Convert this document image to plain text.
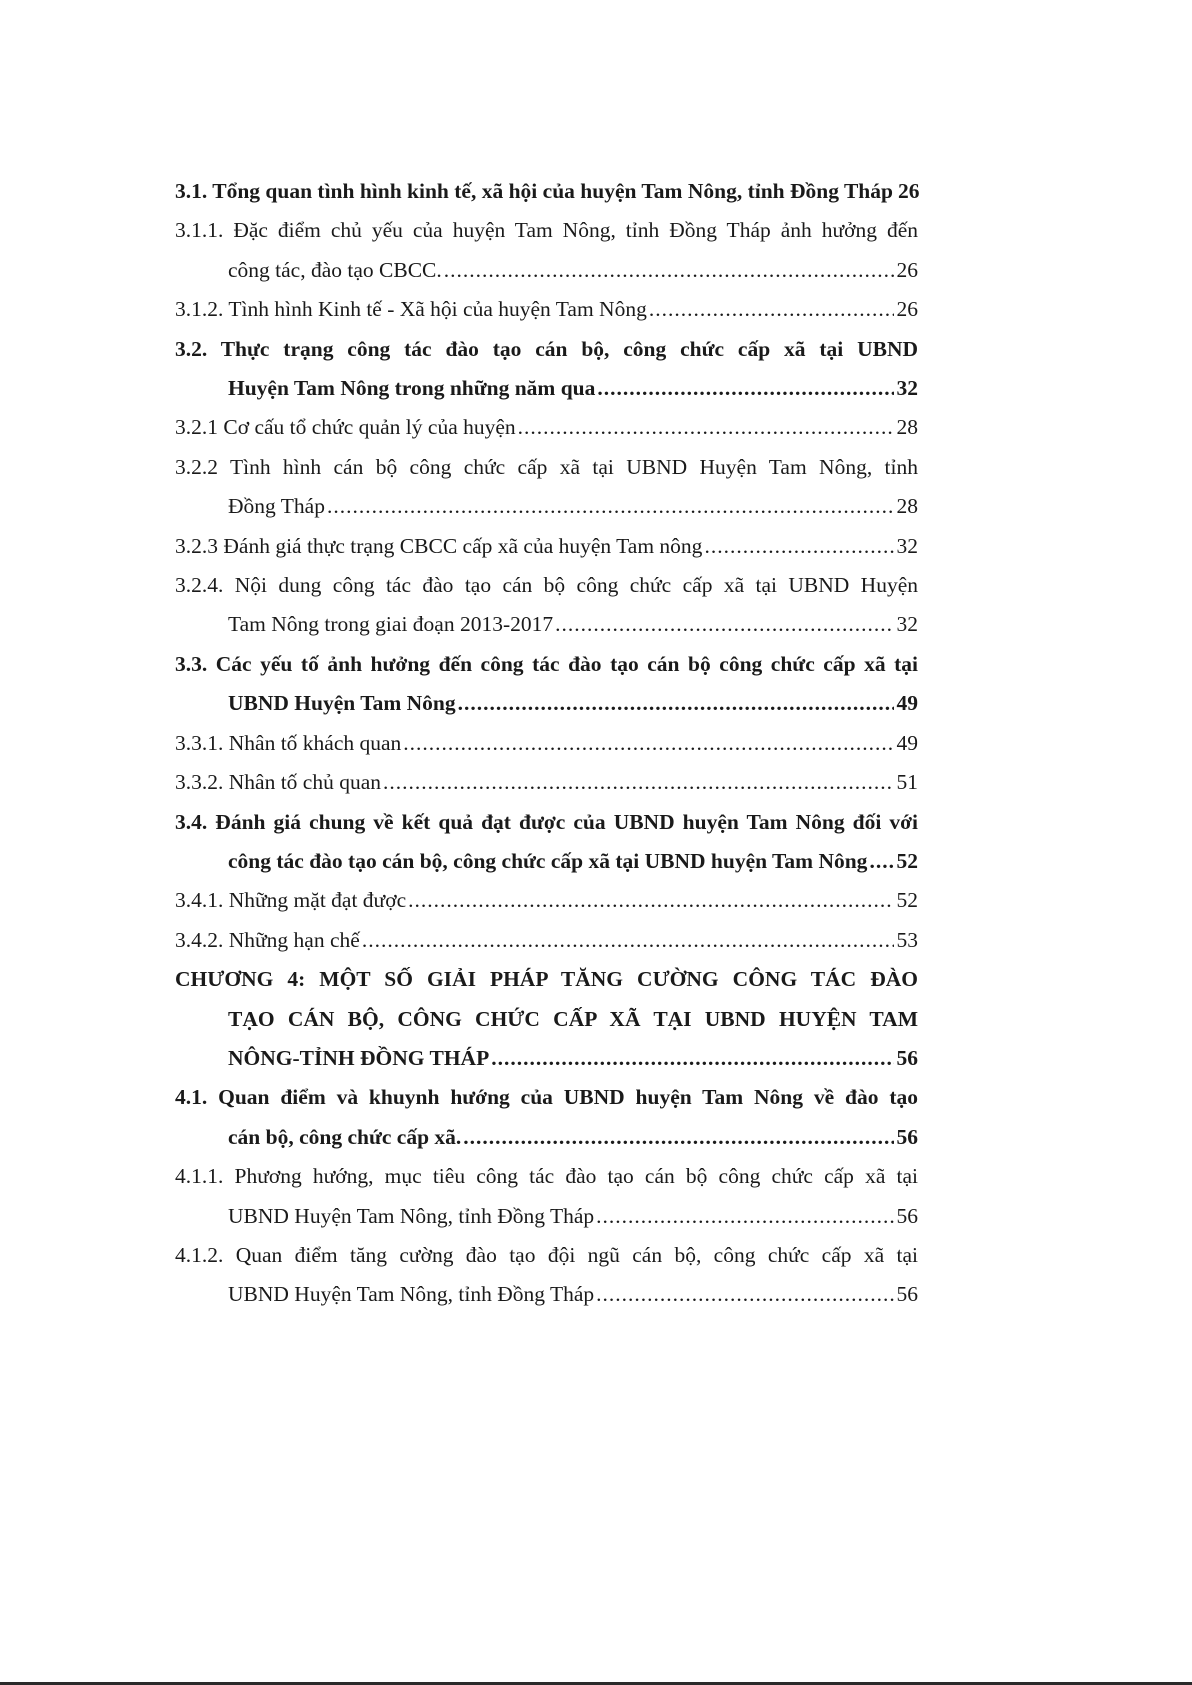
3.1. Tổng quan tình hình kinh tế, xã hội của huyện Tam Nông, tỉnh Đồng Tháp 26
3.1.1. Đặc điểm chủ yếu của huyện Tam Nông, tỉnh Đồng Tháp ảnh hưởng đến
công tác, đào tạo CBCC. .....	26
3.1.2. Tình hình Kinh tế - Xã hội của huyện Tam Nông .....	26
3.2. Thực trạng công tác đào tạo cán bộ, công chức cấp xã tại UBND
Huyện Tam Nông trong những năm qua .....	32
3.2.1 Cơ cấu tổ chức quản lý của huyện .....	28
3.2.2 Tình hình cán bộ công chức cấp xã tại UBND Huyện Tam Nông, tỉnh
Đồng Tháp .....	28
3.2.3 Đánh giá thực trạng CBCC cấp xã của huyện Tam nông .....	32
3.2.4. Nội dung công tác đào tạo cán bộ công chức cấp xã tại UBND Huyện
Tam Nông trong giai đoạn 2013-2017 .....	32
3.3. Các yếu tố ảnh hưởng đến công tác đào tạo cán bộ công chức cấp xã tại
UBND Huyện Tam Nông .....	49
3.3.1. Nhân tố khách quan .....	49
3.3.2. Nhân tố chủ quan .....	51
3.4. Đánh giá chung về kết quả đạt được của UBND huyện Tam Nông đối với
công tác đào tạo cán bộ, công chức cấp xã tại UBND huyện Tam Nông ..... 52
3.4.1. Những mặt đạt được .....	52
3.4.2. Những hạn chế .....	53
CHƯƠNG 4: MỘT SỐ GIẢI PHÁP TĂNG CƯỜNG CÔNG TÁC ĐÀO
TẠO CÁN BỘ, CÔNG CHỨC CẤP XÃ TẠI UBND HUYỆN TAM
NÔNG-TỈNH ĐỒNG THÁP .....	56
4.1. Quan điểm và khuynh hướng của UBND huyện Tam Nông về đào tạo
cán bộ, công chức cấp xã. .....	56
4.1.1. Phương hướng, mục tiêu công tác đào tạo cán bộ công chức cấp xã tại
UBND Huyện Tam Nông, tỉnh Đồng Tháp .....	56
4.1.2. Quan điểm tăng cường đào tạo đội ngũ cán bộ, công chức cấp xã tại
UBND Huyện Tam Nông, tỉnh Đồng Tháp .....	56
